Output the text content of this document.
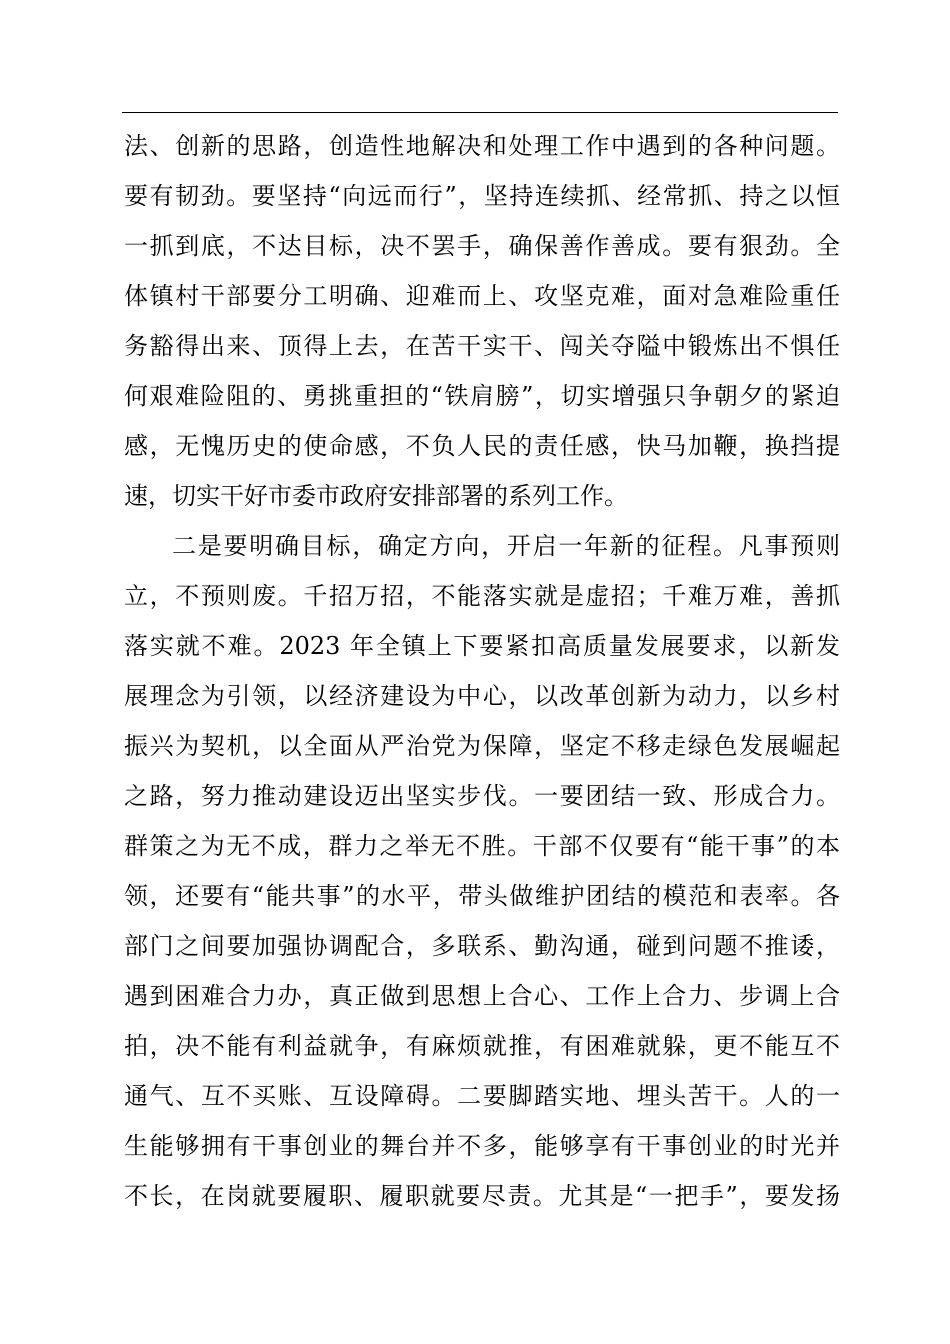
法、创新的思路，创造性地解决和处理工作中遇到的各种问题。
要有韧劲。要坚持“向远而行”，坚持连续抓、经常抓、持之以恒
一抓到底，不达目标，决不罢手，确保善作善成。要有狠劲。全
体镇村干部要分工明确、迎难而上、攻坚克难，面对急难险重任
务豁得出来、顶得上去，在苦干实干、闯关夺隘中锻炼出不惧任
何艰难险阻的、勇挑重担的“铁肩膀”，切实增强只争朝夕的紧迫
感，无愧历史的使命感，不负人民的责任感，快马加鞭，换挡提
速，切实干好市委市政府安排部署的系列工作。
二是要明确目标，确定方向，开启一年新的征程。凡事预则
立，不预则废。千招万招，不能落实就是虚招；千难万难，善抓
落实就不难。2023 年全镇上下要紧扣高质量发展要求，以新发
展理念为引领，以经济建设为中心，以改革创新为动力，以乡村
振兴为契机，以全面从严治党为保障，坚定不移走绿色发展崛起
之路，努力推动建设迈出坚实步伐。一要团结一致、形成合力。
群策之为无不成，群力之举无不胜。干部不仅要有“能干事”的本
领，还要有“能共事”的水平，带头做维护团结的模范和表率。各
部门之间要加强协调配合，多联系、勤沟通，碰到问题不推诿，
遇到困难合力办，真正做到思想上合心、工作上合力、步调上合
拍，决不能有利益就争，有麻烦就推，有困难就躲，更不能互不
通气、互不买账、互设障碍。二要脚踏实地、埋头苦干。人的一
生能够拥有干事创业的舞台并不多，能够享有干事创业的时光并
不长，在岗就要履职、履职就要尽责。尤其是“一把手”，要发扬
